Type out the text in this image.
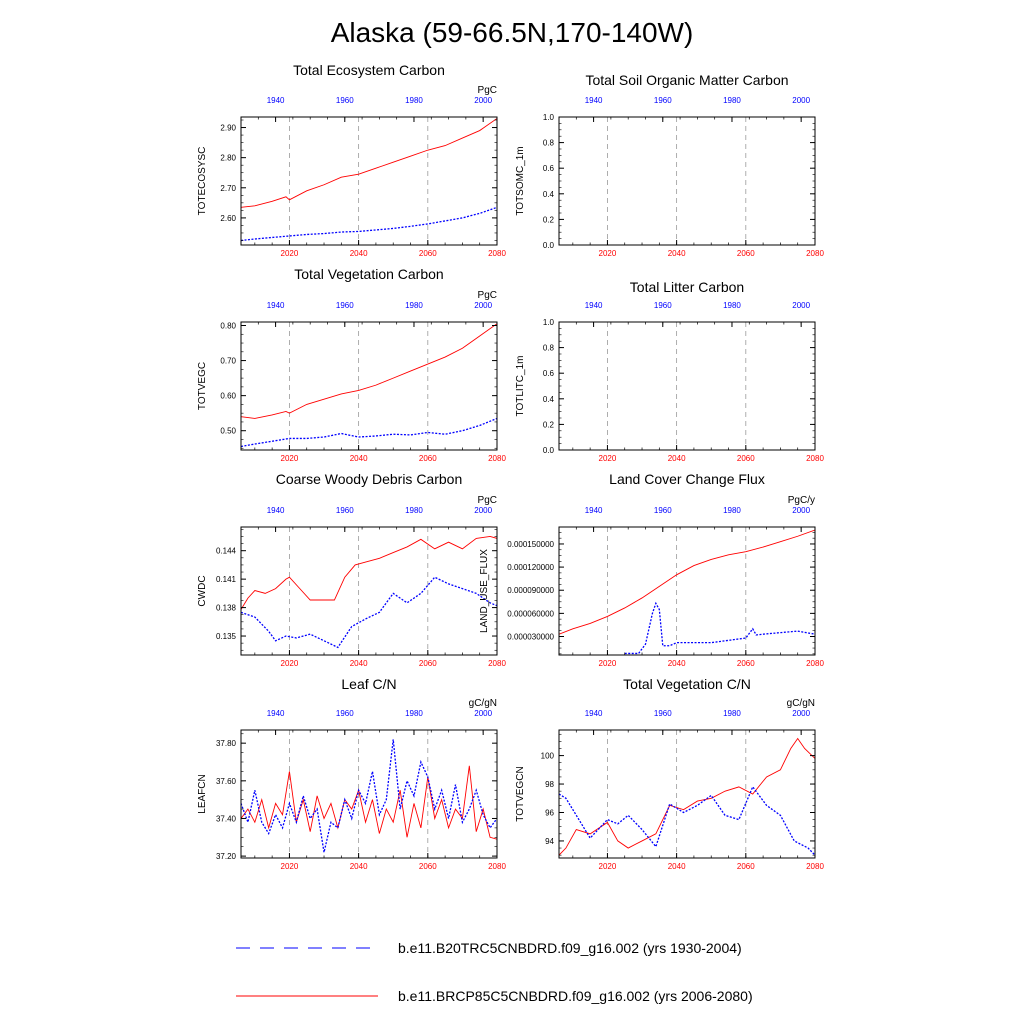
Alaska (59-66.5N,170-140W)
Total Ecosystem Carbon
PgC
TOTECOSYSC
2020	2040	2060	2080
1940	1960	1980	2000
2.60
2.70
2.80
2.90
Total Soil Organic Matter Carbon
TOTSOMC_1m
2020	2040	2060	2080
1940	1960	1980	2000
0.0
0.2
0.4
0.6
0.8
1.0
Total Vegetation Carbon
PgC
TOTVEGC
2020	2040	2060	2080
1940	1960	1980	2000
0.50
0.60
0.70
0.80
Total Litter Carbon
TOTLITC_1m
2020	2040	2060	2080
1940	1960	1980	2000
0.0
0.2
0.4
0.6
0.8
1.0
Coarse Woody Debris Carbon
PgC
CWDC
2020	2040	2060	2080
1940	1960	1980	2000
0.135
0.138
0.141
0.144
Land Cover Change Flux
PgC/y
LAND_USE_FLUX
2020	2040	2060	2080
1940	1960	1980	2000
0.000030000
0.000060000
0.000090000
0.000120000
0.000150000
Leaf C/N
gC/gN
LEAFCN
2020	2040	2060	2080
1940	1960	1980	2000
37.20
37.40
37.60
37.80
Total Vegetation C/N
gC/gN
TOTVEGCN
2020	2040	2060	2080
1940	1960	1980	2000
94
96
98
100
b.e11.B20TRC5CNBDRD.f09_g16.002 (yrs 1930-2004)
b.e11.BRCP85C5CNBDRD.f09_g16.002 (yrs 2006-2080)
